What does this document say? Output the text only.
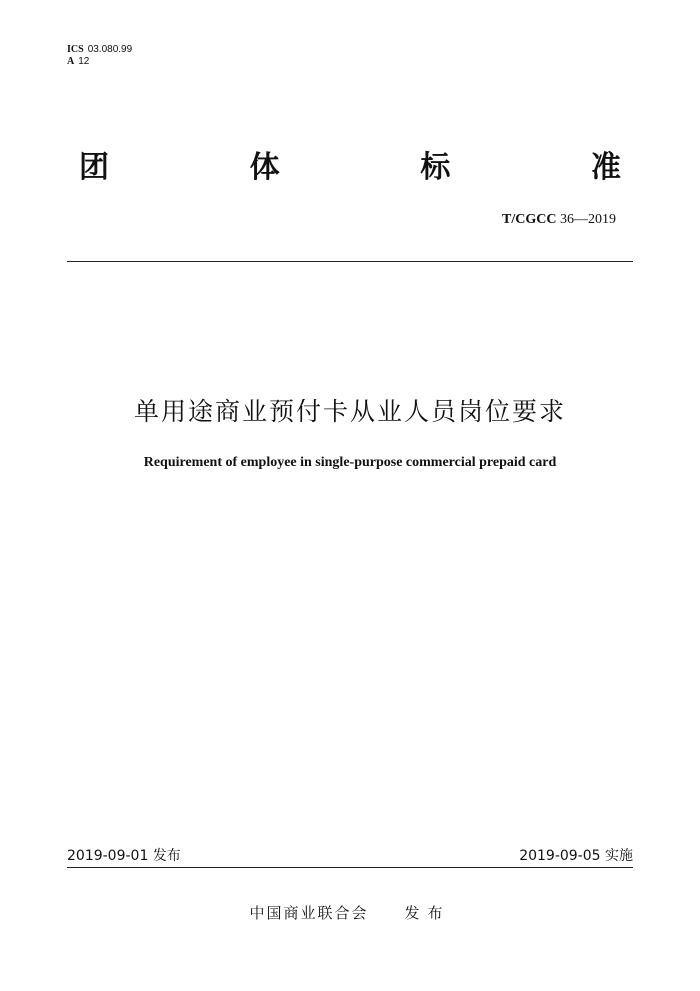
ICS 03.080.99
A 12
团	体	标	准
T/CGCC 36—2019
单用途商业预付卡从业人员岗位要求
Requirement of employee in single-purpose commercial prepaid card
2019-09-01 发布	2019-09-05 实施
中国商业联合会 发布
